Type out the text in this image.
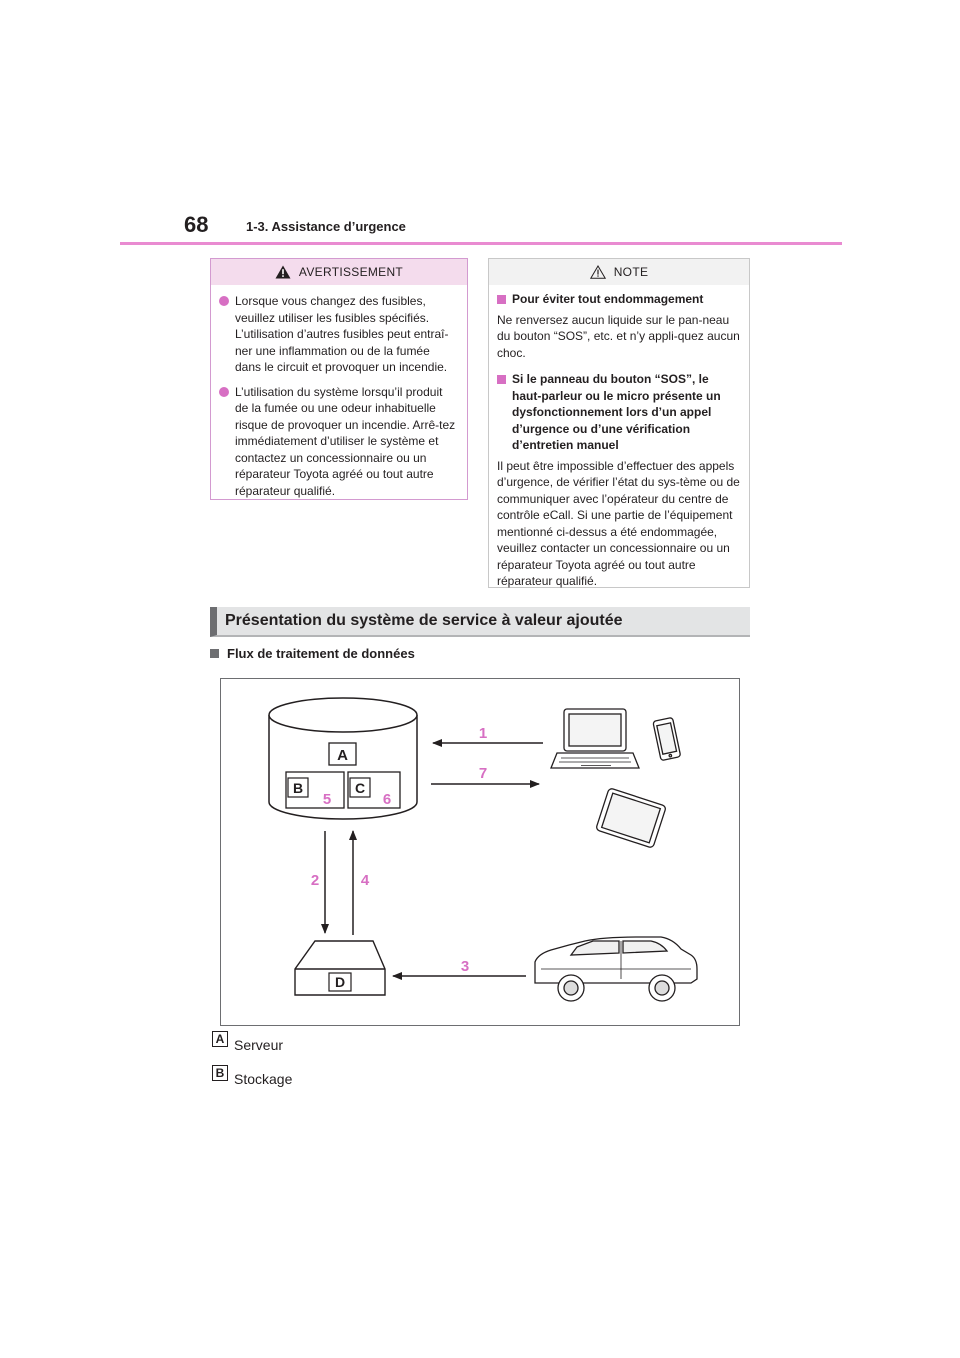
68	1-3. Assistance d’urgence
AVERTISSEMENT
Lorsque vous changez des fusibles, veuillez utiliser les fusibles spécifiés. L’utilisation d’autres fusibles peut entraî-ner une inflammation ou de la fumée dans le circuit et provoquer un incendie.
L’utilisation du système lorsqu’il produit de la fumée ou une odeur inhabituelle risque de provoquer un incendie. Arrê-tez immédiatement d’utiliser le système et contactez un concessionnaire ou un réparateur Toyota agréé ou tout autre réparateur qualifié.
NOTE
Pour éviter tout endommagement

Ne renversez aucun liquide sur le pan-neau du bouton “SOS”, etc. et n’y appli-quez aucun choc.

Si le panneau du bouton “SOS”, le haut-parleur ou le micro présente un dysfonctionnement lors d’un appel d’urgence ou d’une vérification d’entretien manuel

Il peut être impossible d’effectuer des appels d’urgence, de vérifier l’état du sys-tème ou de communiquer avec l’opérateur du centre de contrôle eCall. Si une partie de l’équipement mentionné ci-dessus a été endommagée, veuillez contacter un concessionnaire ou un réparateur Toyota agréé ou tout autre réparateur qualifié.

Présentation du système de service à valeur ajoutée
Flux de traitement de données
A
B
5
C
6
1
7
2	4
D
3
A Serveur
B Stockage
